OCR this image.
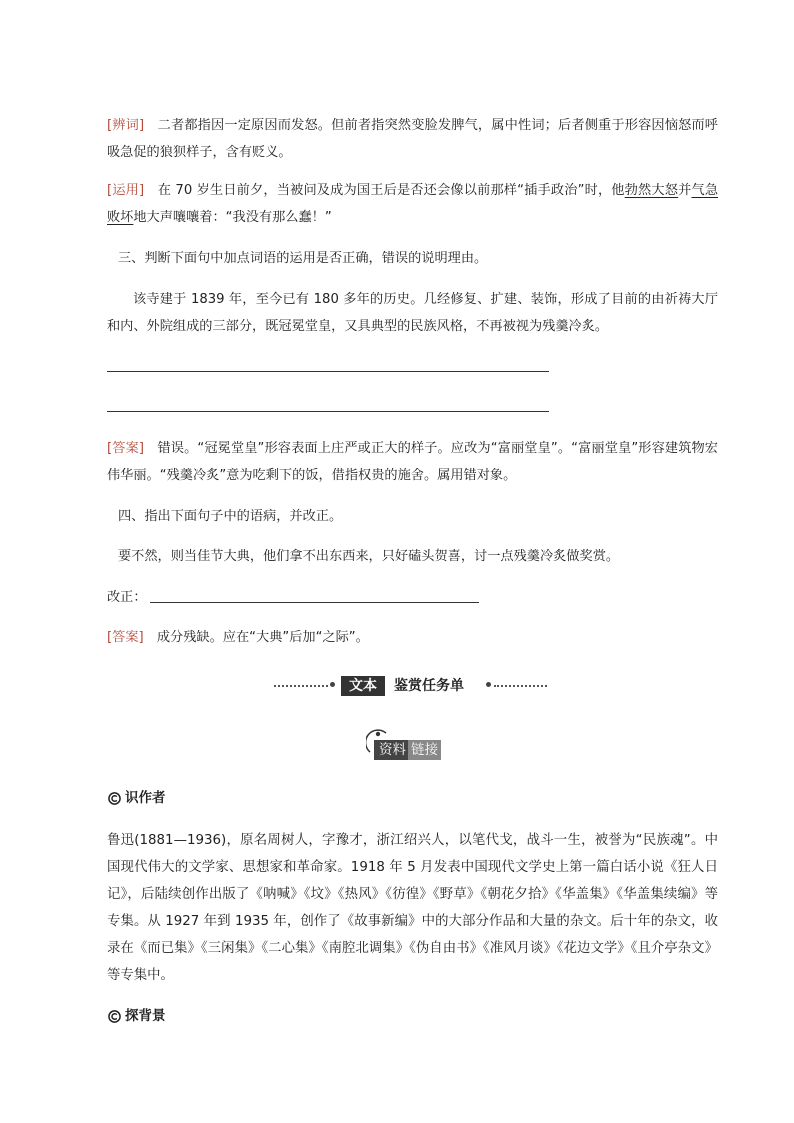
[辨词]　二者都指因一定原因而发怒。但前者指突然变脸发脾气，属中性词；后者侧重于形容因恼怒而呼吸急促的狼狈样子，含有贬义。
[运用]　在 70 岁生日前夕，当被问及成为国王后是否还会像以前那样“插手政治”时，他勃然大怒并气急败坏地大声嚷嚷着：“我没有那么蠢！”
三、判断下面句中加点词语的运用是否正确，错误的说明理由。
该寺建于 1839 年，至今已有 180 多年的历史。几经修复、扩建、装饰，形成了目前的由祈祷大厅和内、外院组成的三部分，既冠冕堂皇，又具典型的民族风格，不再被视为残羹冷炙。
[答案]　错误。“冠冕堂皇”形容表面上庄严或正大的样子。应改为“富丽堂皇”。“富丽堂皇”形容建筑物宏伟华丽。“残羹冷炙”意为吃剩下的饭，借指权贵的施舍。属用错对象。
四、指出下面句子中的语病，并改正。
要不然，则当佳节大典，他们拿不出东西来，只好磕头贺喜，讨一点残羹冷炙做奖赏。
改正：
[答案]　成分残缺。应在“大典”后加“之际”。
文本	鉴赏任务单
资料 链接
识作者
鲁迅(1881—1936)，原名周树人，字豫才，浙江绍兴人，以笔代戈，战斗一生，被誉为“民族魂”。中国现代伟大的文学家、思想家和革命家。1918 年 5 月发表中国现代文学史上第一篇白话小说《狂人日记》，后陆续创作出版了《呐喊》《坟》《热风》《彷徨》《野草》《朝花夕拾》《华盖集》《华盖集续编》等专集。从 1927 年到 1935 年，创作了《故事新编》中的大部分作品和大量的杂文。后十年的杂文，收录在《而已集》《三闲集》《二心集》《南腔北调集》《伪自由书》《准风月谈》《花边文学》《且介亭杂文》等专集中。
探背景
